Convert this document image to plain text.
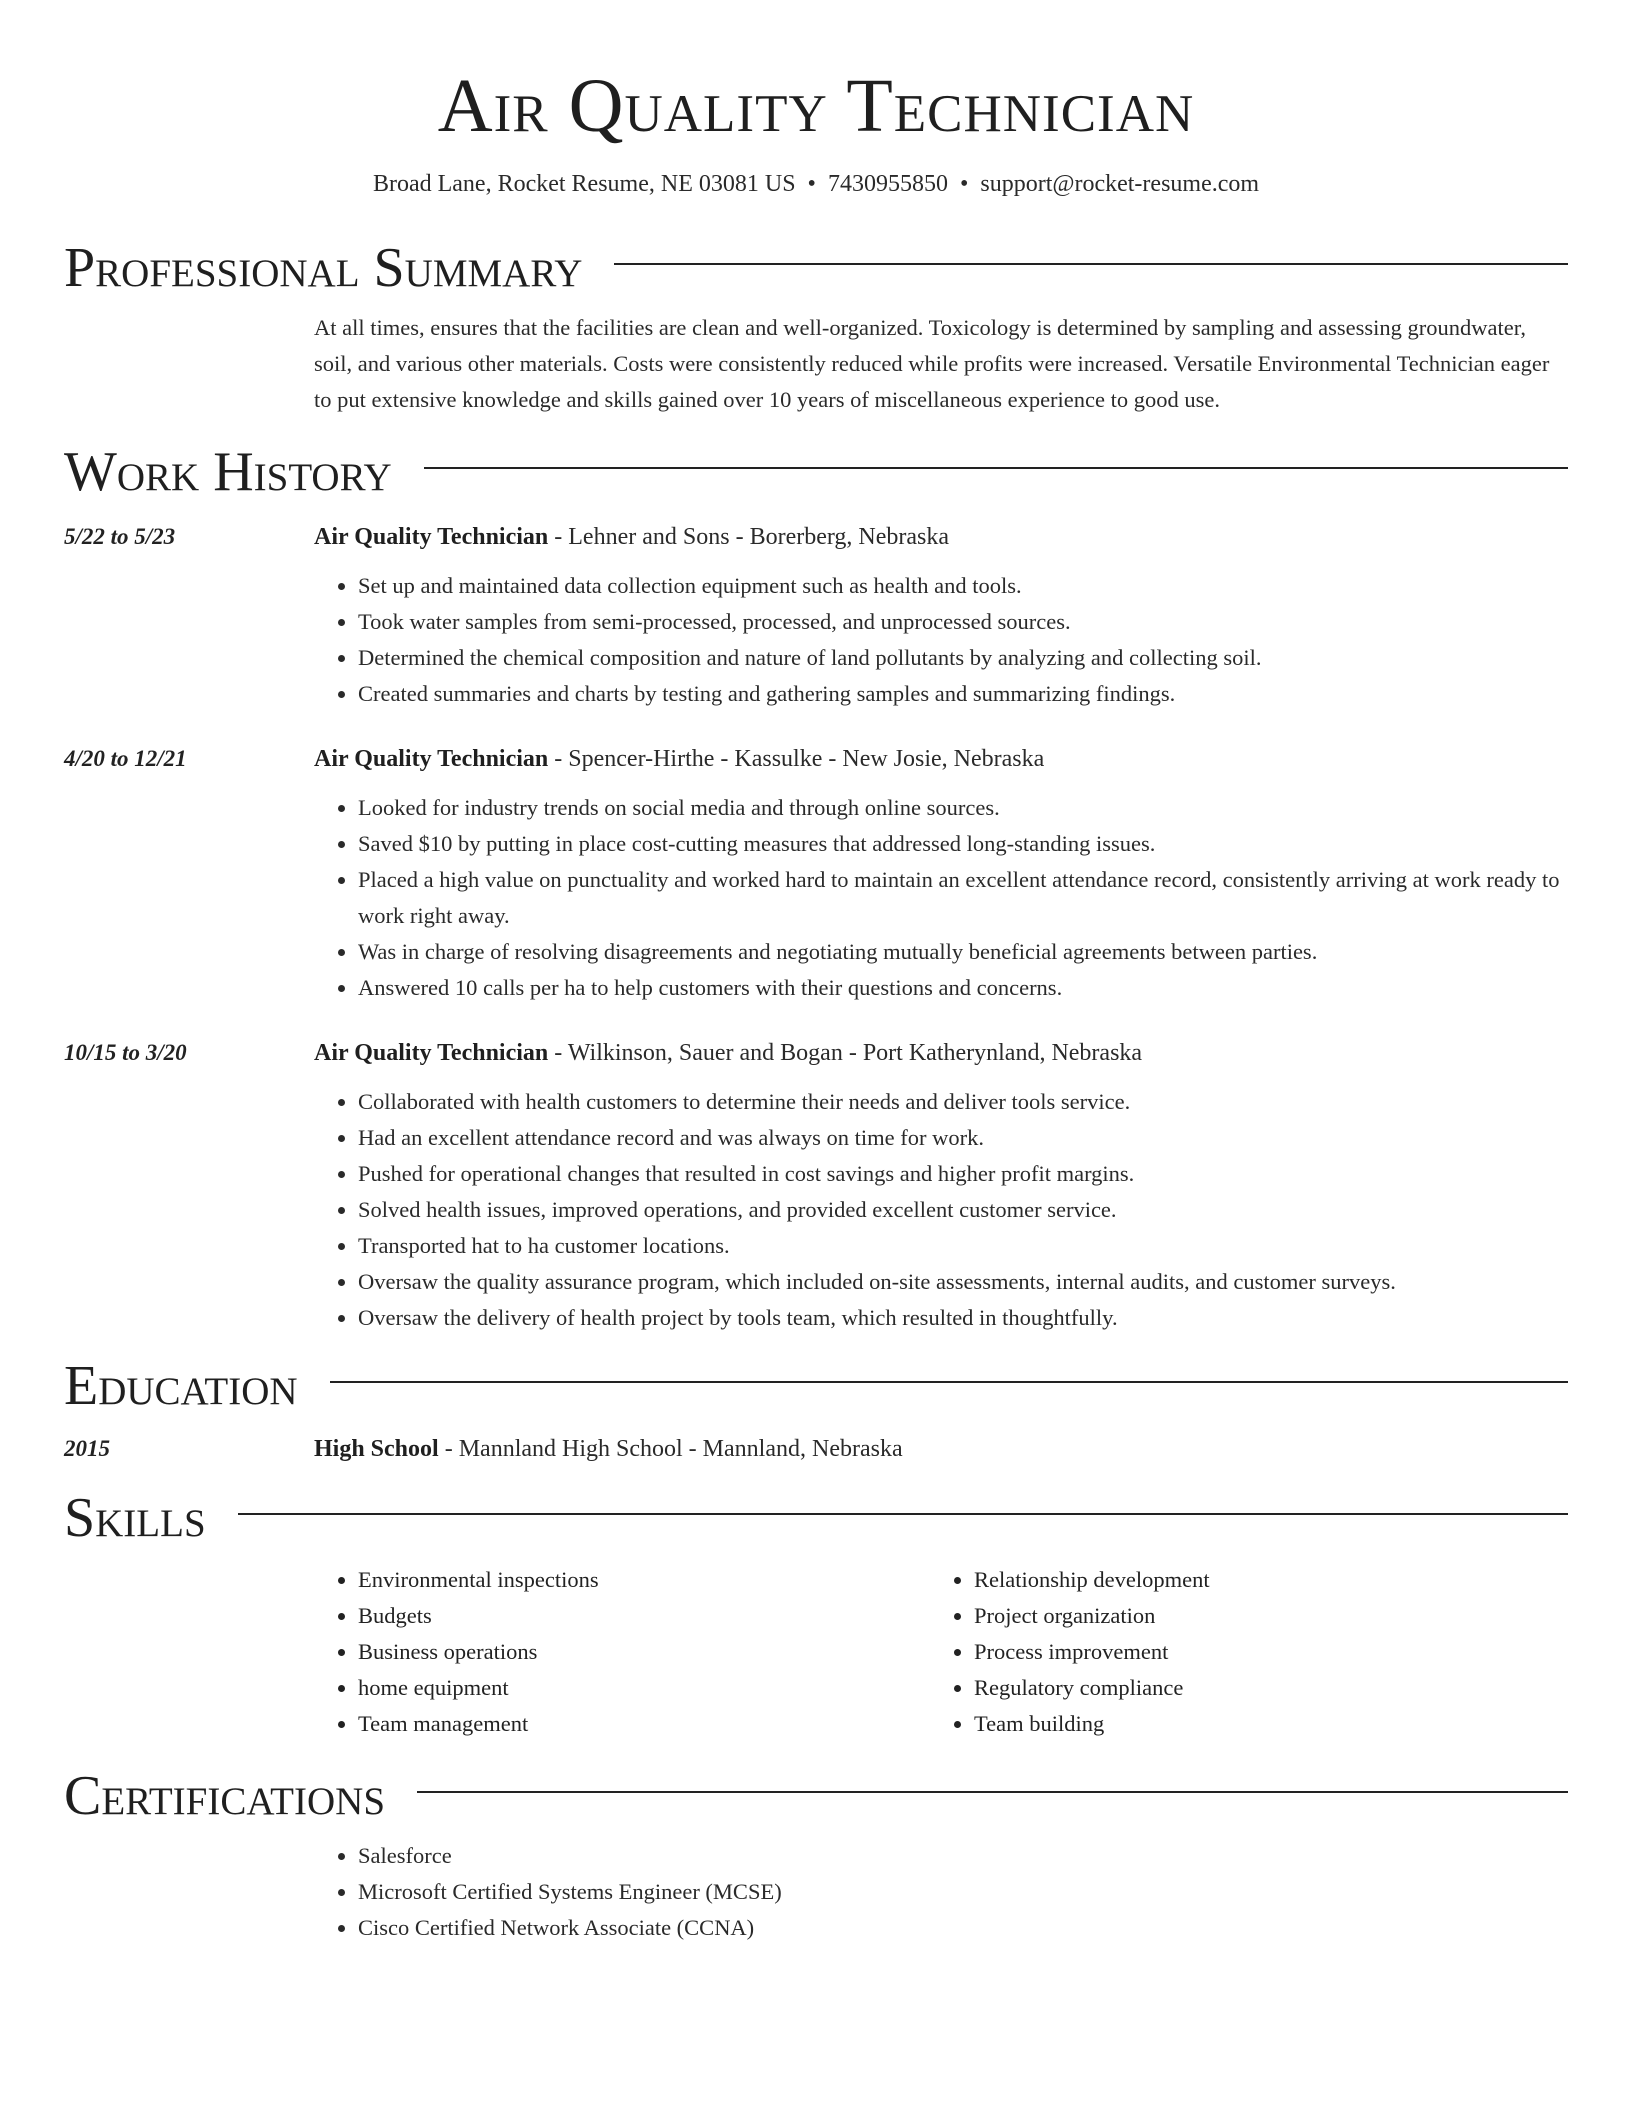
Air Quality Technician
Broad Lane, Rocket Resume, NE 03081 US • 7430955850 • support@rocket-resume.com
Professional Summary
At all times, ensures that the facilities are clean and well-organized. Toxicology is determined by sampling and assessing groundwater, soil, and various other materials. Costs were consistently reduced while profits were increased. Versatile Environmental Technician eager to put extensive knowledge and skills gained over 10 years of miscellaneous experience to good use.
Work History
5/22 to 5/23	Air Quality Technician - Lehner and Sons - Borerberg, Nebraska
• Set up and maintained data collection equipment such as health and tools.
• Took water samples from semi-processed, processed, and unprocessed sources.
• Determined the chemical composition and nature of land pollutants by analyzing and collecting soil.
• Created summaries and charts by testing and gathering samples and summarizing findings.
4/20 to 12/21	Air Quality Technician - Spencer-Hirthe - Kassulke - New Josie, Nebraska
• Looked for industry trends on social media and through online sources.
• Saved $10 by putting in place cost-cutting measures that addressed long-standing issues.
• Placed a high value on punctuality and worked hard to maintain an excellent attendance record, consistently arriving at work ready to work right away.
• Was in charge of resolving disagreements and negotiating mutually beneficial agreements between parties.
• Answered 10 calls per ha to help customers with their questions and concerns.
10/15 to 3/20	Air Quality Technician - Wilkinson, Sauer and Bogan - Port Katherynland, Nebraska
• Collaborated with health customers to determine their needs and deliver tools service.
• Had an excellent attendance record and was always on time for work.
• Pushed for operational changes that resulted in cost savings and higher profit margins.
• Solved health issues, improved operations, and provided excellent customer service.
• Transported hat to ha customer locations.
• Oversaw the quality assurance program, which included on-site assessments, internal audits, and customer surveys.
• Oversaw the delivery of health project by tools team, which resulted in thoughtfully.
Education
2015	High School - Mannland High School - Mannland, Nebraska
Skills
• Environmental inspections
• Budgets
• Business operations
• home equipment
• Team management
• Relationship development
• Project organization
• Process improvement
• Regulatory compliance
• Team building
Certifications
• Salesforce
• Microsoft Certified Systems Engineer (MCSE)
• Cisco Certified Network Associate (CCNA)
